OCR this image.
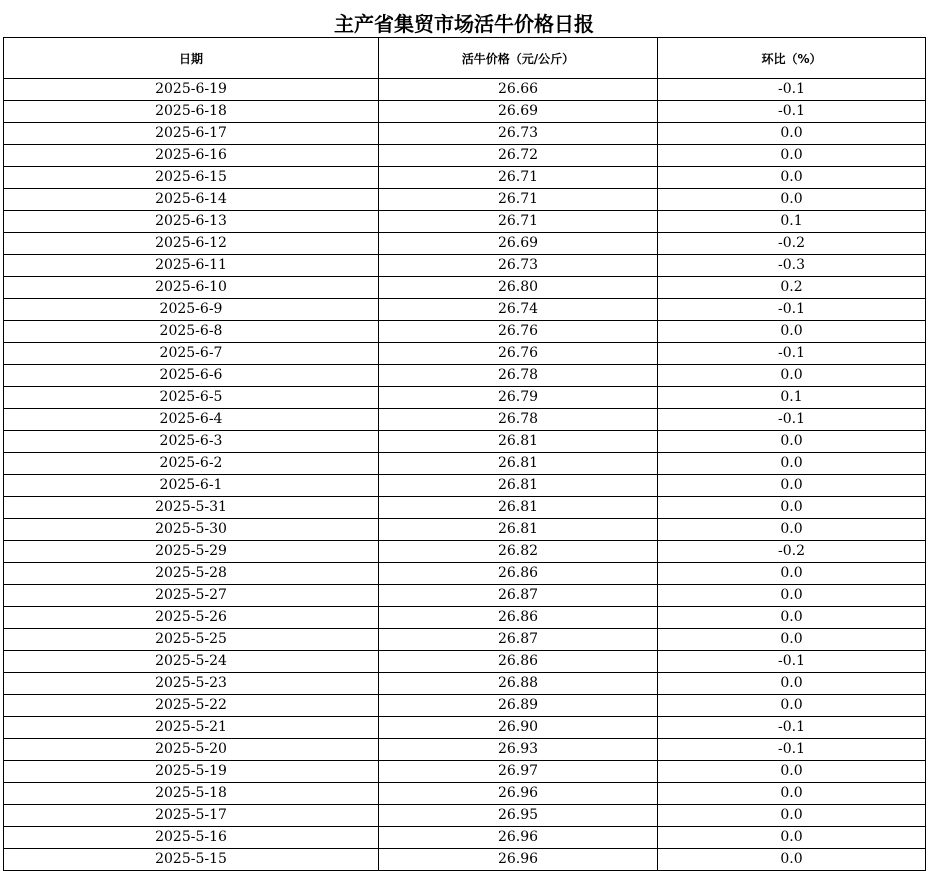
主产省集贸市场活牛价格日报
日期	活牛价格（元/公斤）	环比（%）
2025-6-19	26.66	-0.1
2025-6-18	26.69	-0.1
2025-6-17	26.73	0.0
2025-6-16	26.72	0.0
2025-6-15	26.71	0.0
2025-6-14	26.71	0.0
2025-6-13	26.71	0.1
2025-6-12	26.69	-0.2
2025-6-11	26.73	-0.3
2025-6-10	26.80	0.2
2025-6-9	26.74	-0.1
2025-6-8	26.76	0.0
2025-6-7	26.76	-0.1
2025-6-6	26.78	0.0
2025-6-5	26.79	0.1
2025-6-4	26.78	-0.1
2025-6-3	26.81	0.0
2025-6-2	26.81	0.0
2025-6-1	26.81	0.0
2025-5-31	26.81	0.0
2025-5-30	26.81	0.0
2025-5-29	26.82	-0.2
2025-5-28	26.86	0.0
2025-5-27	26.87	0.0
2025-5-26	26.86	0.0
2025-5-25	26.87	0.0
2025-5-24	26.86	-0.1
2025-5-23	26.88	0.0
2025-5-22	26.89	0.0
2025-5-21	26.90	-0.1
2025-5-20	26.93	-0.1
2025-5-19	26.97	0.0
2025-5-18	26.96	0.0
2025-5-17	26.95	0.0
2025-5-16	26.96	0.0
2025-5-15	26.96	0.0
